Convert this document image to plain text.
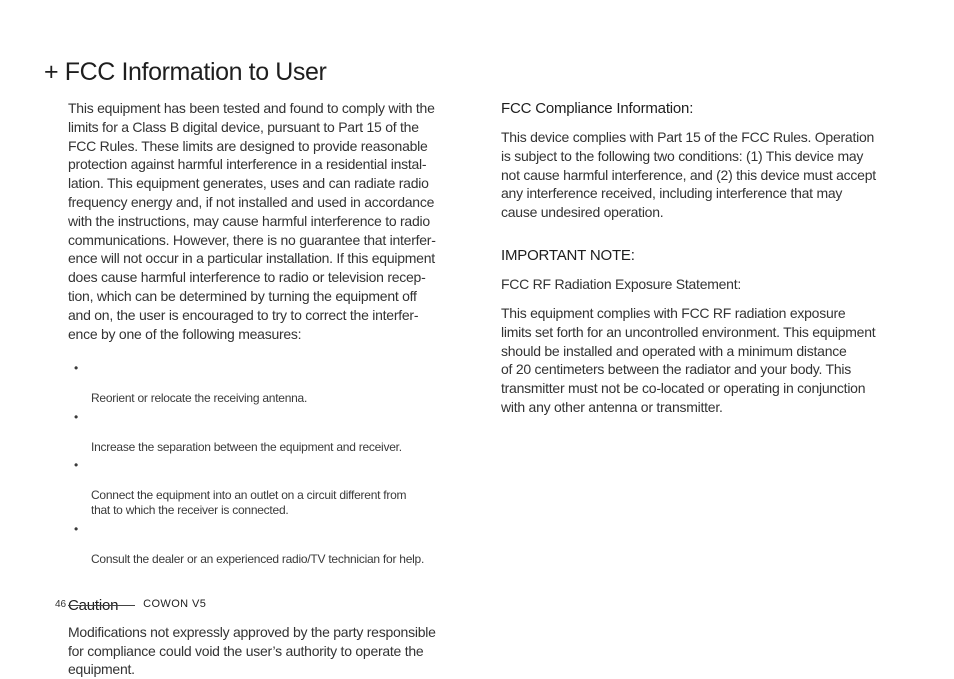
+ FCC Information to User

This equipment has been tested and found to comply with the
limits for a Class B digital device, pursuant to Part 15 of the
FCC Rules. These limits are designed to provide reasonable
protection against harmful interference in a residential instal-
lation. This equipment generates, uses and can radiate radio
frequency energy and, if not installed and used in accordance
with the instructions, may cause harmful interference to radio
communications. However, there is no guarantee that interfer-
ence will not occur in a particular installation. If this equipment
does cause harmful interference to radio or television recep-
tion, which can be determined by turning the equipment off
and on, the user is encouraged to try to correct the interfer-
ence by one of the following measures:

•

Reorient or relocate the receiving antenna.

•

Increase the separation between the equipment and receiver.

•

Connect the equipment into an outlet on a circuit different from
that to which the receiver is connected.

•

Consult the dealer or an experienced radio/TV technician for help.

Caution

Modifications not expressly approved by the party responsible
for compliance could void the user’s authority to operate the
equipment.

FCC Compliance Information:

This device complies with Part 15 of the FCC Rules. Operation
is subject to the following two conditions: (1) This device may
not cause harmful interference, and (2) this device must accept
any interference received, including interference that may
cause undesired operation.

IMPORTANT NOTE:

FCC RF Radiation Exposure Statement:

This equipment complies with FCC RF radiation exposure
limits set forth for an uncontrolled environment. This equipment
should be installed and operated with a minimum distance
of 20 centimeters between the radiator and your body. This
transmitter must not be co-located or operating in conjunction
with any other antenna or transmitter.

46	COWON V5
